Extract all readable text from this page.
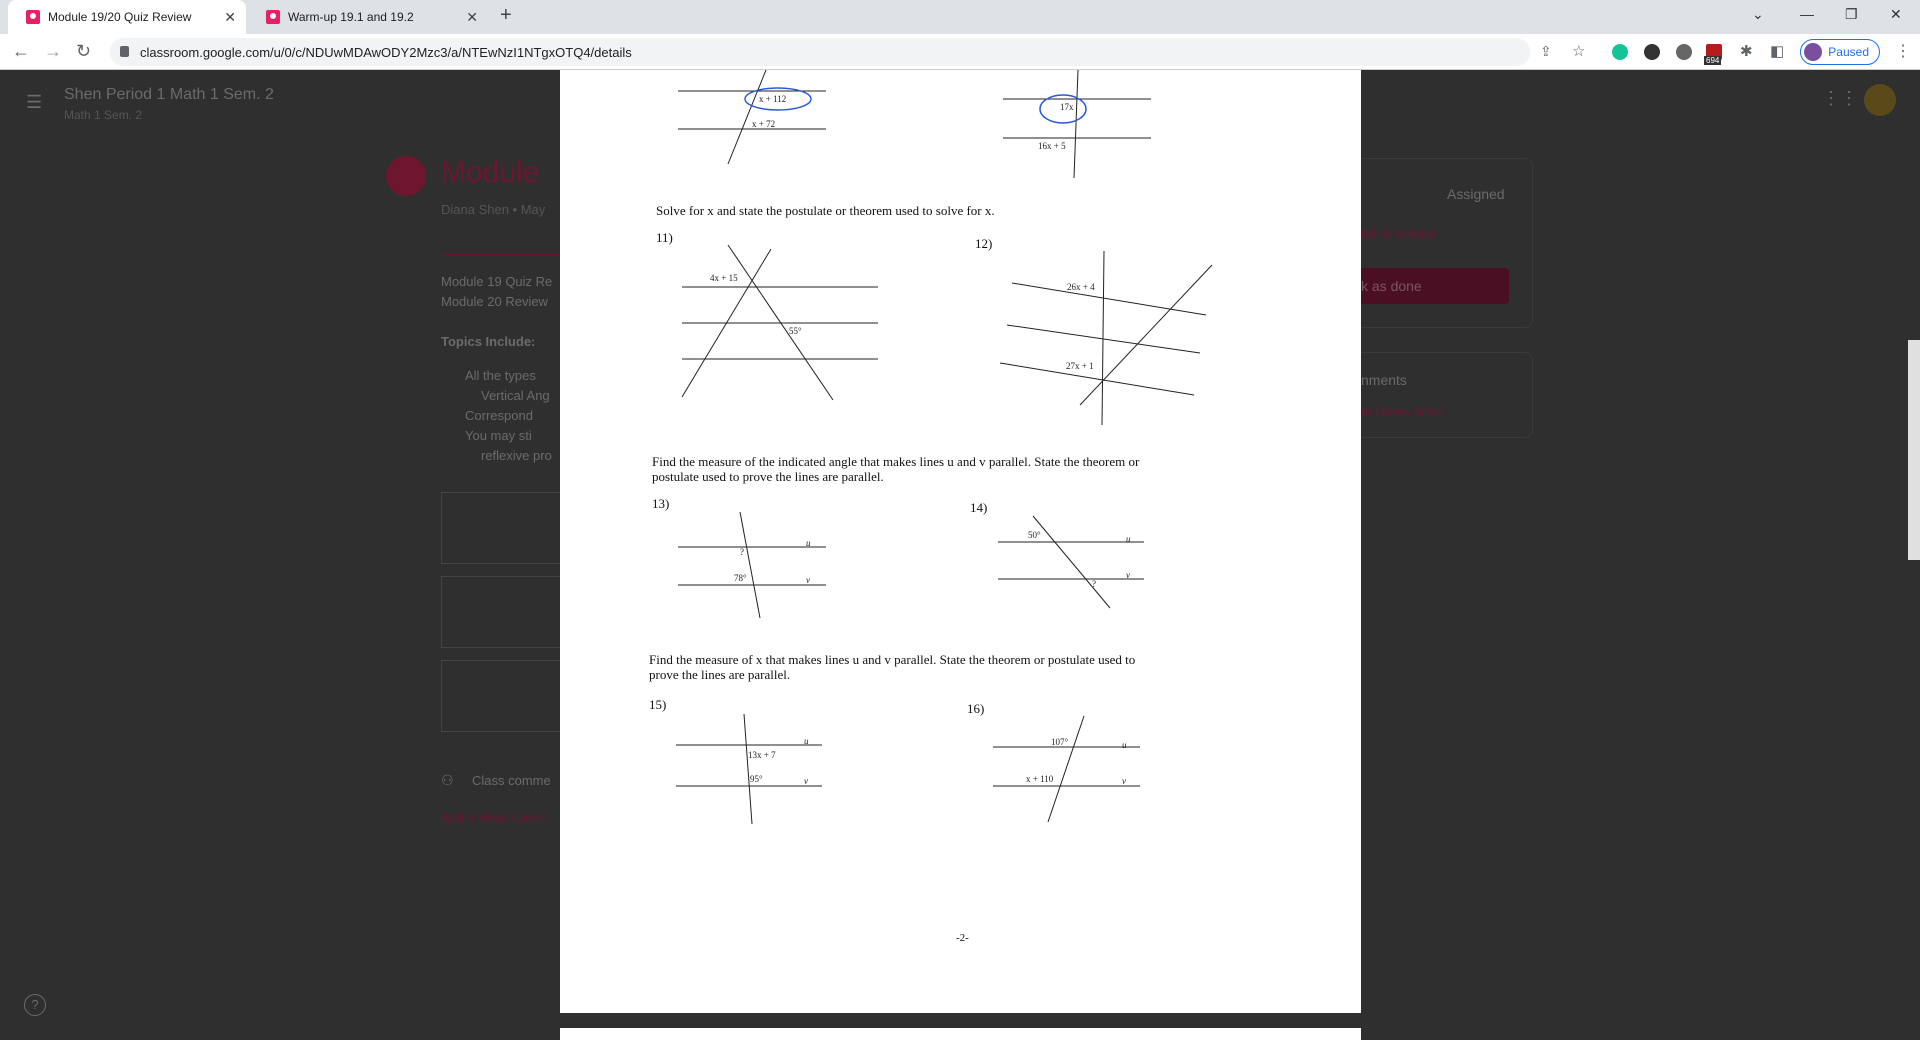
Module 19/20 Quiz Review ✕	Warm-up 19.1 and 19.2	✕ +	⌄	— ❐ ✕
← → ↻	classroom.google.com/u/0/c/NDUwMDAwODY2Mzc3/a/NTEwNzI1NTgxOTQ4/details	⇪ ☆
694
✱ ◧	Paused ⋮
☰ Shen Period 1 Math 1 Sem. 2
Math 1 Sem. 2
⋮⋮
Module
Diana Shen • May
Module 19 Quiz Re
Module 20 Review
Topics Include:
All the types
Vertical Ang
Correspond
You may sti
reflexive pro
⚇ Class comme
Add a class comm
Assigned
dd or create
k as done
nments
to Diana Shen
?
x + 112
x + 72
17x
16x + 5
Solve for x and state the postulate or theorem used to solve for x.
11)	12)
4x + 15
55°
26x + 4
27x + 1
Find the measure of the indicated angle that makes lines u and v parallel. State the theorem or
postulate used to prove the lines are parallel.
13)	14)
?
78°
u
v
50°
?
u
v
Find the measure of x that makes lines u and v parallel. State the theorem or postulate used to
prove the lines are parallel.
15)	16)
13x + 7
95°
u
v
107°
x + 110
u
v
-2-
